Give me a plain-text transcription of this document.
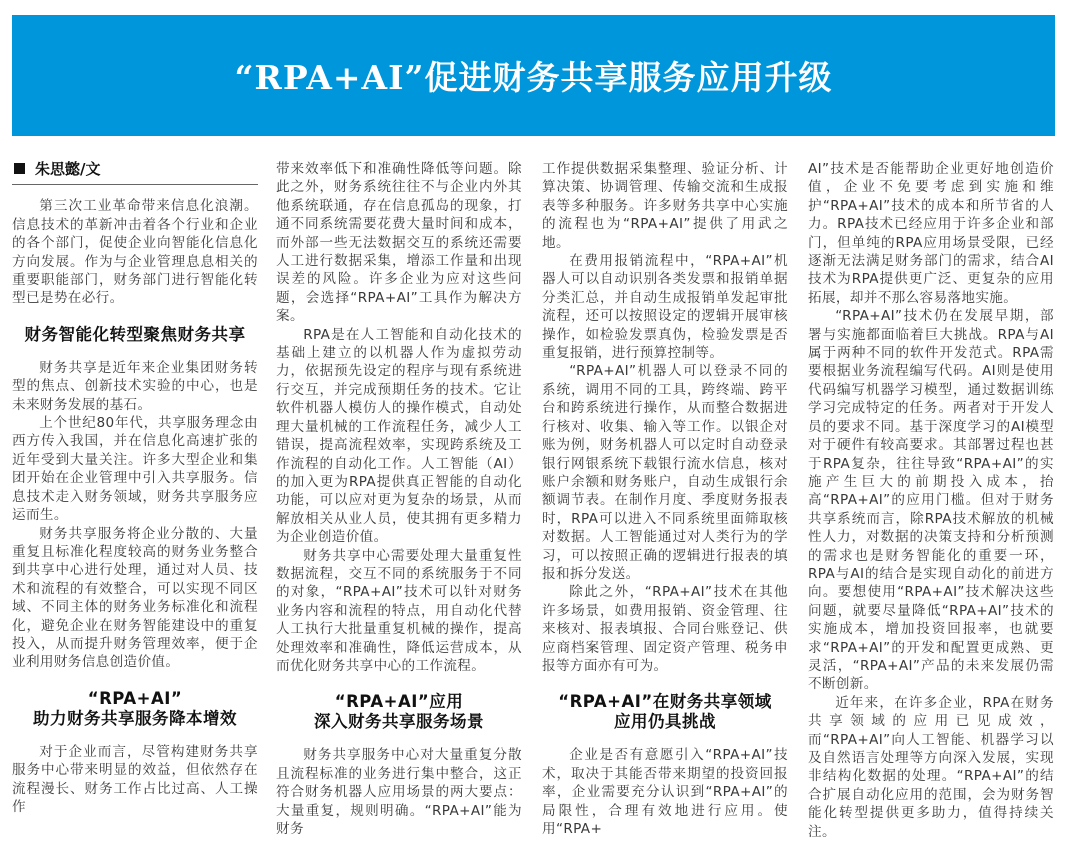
“RPA+AI”促进财务共享服务应用升级
朱思懿/文

第三次工业革命带来信息化浪潮。信息技术的革新冲击着各个行业和企业的各个部门，促使企业向智能化信息化方向发展。作为与企业管理息息相关的重要职能部门，财务部门进行智能化转型已是势在必行。

财务智能化转型聚焦财务共享

财务共享是近年来企业集团财务转型的焦点、创新技术实验的中心，也是未来财务发展的基石。

上个世纪80年代，共享服务理念由西方传入我国，并在信息化高速扩张的近年受到大量关注。许多大型企业和集团开始在企业管理中引入共享服务。信息技术走入财务领域，财务共享服务应运而生。

财务共享服务将企业分散的、大量重复且标准化程度较高的财务业务整合到共享中心进行处理，通过对人员、技术和流程的有效整合，可以实现不同区域、不同主体的财务业务标准化和流程化，避免企业在财务智能建设中的重复投入，从而提升财务管理效率，便于企业利用财务信息创造价值。

“RPA+AI”
助力财务共享服务降本增效

对于企业而言，尽管构建财务共享服务中心带来明显的效益，但依然存在流程漫长、财务工作占比过高、人工操作

带来效率低下和准确性降低等问题。除此之外，财务系统往往不与企业内外其他系统联通，存在信息孤岛的现象，打通不同系统需要花费大量时间和成本，而外部一些无法数据交互的系统还需要人工进行数据采集，增添工作量和出现误差的风险。许多企业为应对这些问题，会选择“RPA+AI”工具作为解决方案。

RPA是在人工智能和自动化技术的基础上建立的以机器人作为虚拟劳动力，依据预先设定的程序与现有系统进行交互，并完成预期任务的技术。它让软件机器人模仿人的操作模式，自动处理大量机械的工作流程任务，减少人工错误，提高流程效率，实现跨系统及工作流程的自动化工作。人工智能（AI）的加入更为RPA提供真正智能的自动化功能，可以应对更为复杂的场景，从而解放相关从业人员，使其拥有更多精力为企业创造价值。

财务共享中心需要处理大量重复性数据流程，交互不同的系统服务于不同的对象，“RPA+AI”技术可以针对财务业务内容和流程的特点，用自动化代替人工执行大批量重复机械的操作，提高处理效率和准确性，降低运营成本，从而优化财务共享中心的工作流程。

“RPA+AI”应用
深入财务共享服务场景

财务共享服务中心对大量重复分散且流程标准的业务进行集中整合，这正符合财务机器人应用场景的两大要点：大量重复，规则明确。“RPA+AI”能为财务

工作提供数据采集整理、验证分析、计算决策、协调管理、传输交流和生成报表等多种服务。许多财务共享中心实施的流程也为“RPA+AI”提供了用武之地。

在费用报销流程中，“RPA+AI”机器人可以自动识别各类发票和报销单据分类汇总，并自动生成报销单发起审批流程，还可以按照设定的逻辑开展审核操作，如检验发票真伪，检验发票是否重复报销，进行预算控制等。

“RPA+AI”机器人可以登录不同的系统，调用不同的工具，跨终端、跨平台和跨系统进行操作，从而整合数据进行核对、收集、输入等工作。以银企对账为例，财务机器人可以定时自动登录银行网银系统下载银行流水信息，核对账户余额和财务账户，自动生成银行余额调节表。在制作月度、季度财务报表时，RPA可以进入不同系统里面筛取核对数据。人工智能通过对人类行为的学习，可以按照正确的逻辑进行报表的填报和拆分发送。

除此之外，“RPA+AI”技术在其他许多场景，如费用报销、资金管理、往来核对、报表填报、合同台账登记、供应商档案管理、固定资产管理、税务申报等方面亦有可为。

“RPA+AI”在财务共享领域
应用仍具挑战

企业是否有意愿引入“RPA+AI”技术，取决于其能否带来期望的投资回报率，企业需要充分认识到“RPA+AI”的局限性，合理有效地进行应用。使用“RPA+

AI”技术是否能帮助企业更好地创造价值，企业不免要考虑到实施和维护“RPA+AI”技术的成本和所节省的人力。RPA技术已经应用于许多企业和部门，但单纯的RPA应用场景受限，已经逐渐无法满足财务部门的需求，结合AI技术为RPA提供更广泛、更复杂的应用拓展，却并不那么容易落地实施。

“RPA+AI”技术仍在发展早期，部署与实施都面临着巨大挑战。RPA与AI属于两种不同的软件开发范式。RPA需要根据业务流程编写代码。AI则是使用代码编写机器学习模型，通过数据训练学习完成特定的任务。两者对于开发人员的要求不同。基于深度学习的AI模型对于硬件有较高要求。其部署过程也甚于RPA复杂，往往导致“RPA+AI”的实施产生巨大的前期投入成本，抬高“RPA+AI”的应用门槛。但对于财务共享系统而言，除RPA技术解放的机械性人力，对数据的决策支持和分析预测的需求也是财务智能化的重要一环，RPA与AI的结合是实现自动化的前进方向。要想使用“RPA+AI”技术解决这些问题，就要尽量降低“RPA+AI”技术的实施成本，增加投资回报率，也就要求“RPA+AI”的开发和配置更成熟、更灵活，“RPA+AI”产品的未来发展仍需不断创新。

近年来，在许多企业，RPA在财务共享领域的应用已见成效，而“RPA+AI”向人工智能、机器学习以及自然语言处理等方向深入发展，实现非结构化数据的处理。“RPA+AI”的结合扩展自动化应用的范围，会为财务智能化转型提供更多助力，值得持续关注。
